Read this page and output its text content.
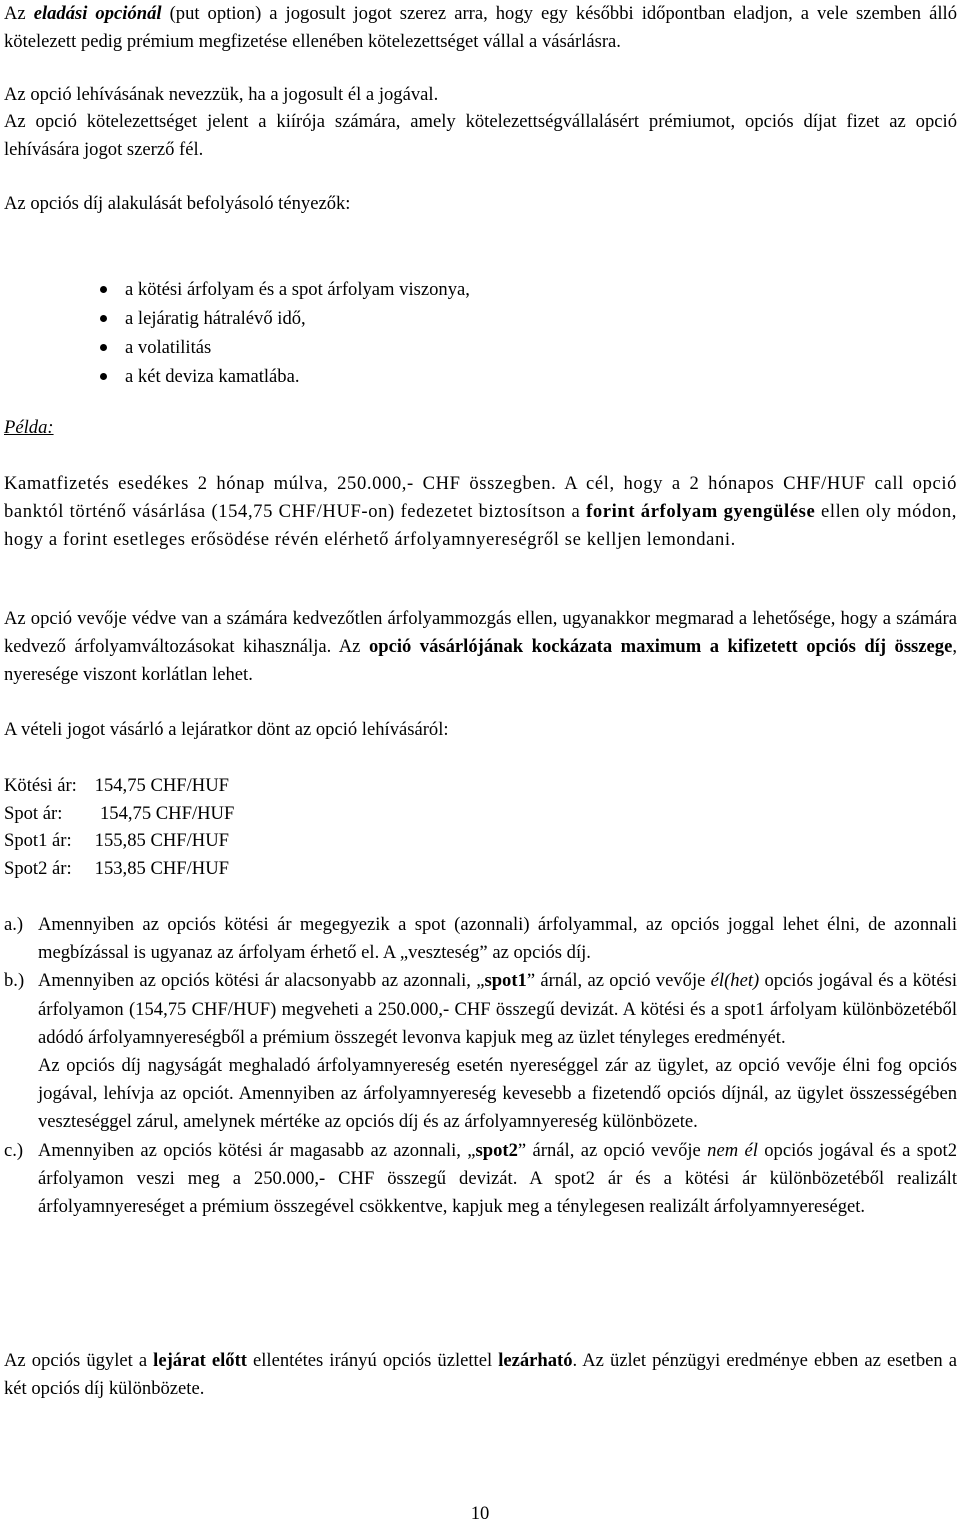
Az eladási opciónál (put option) a jogosult jogot szerez arra, hogy egy későbbi időpontban eladjon, a vele szemben álló kötelezett pedig prémium megfizetése ellenében kötelezettséget vállal a vásárlásra.

Az opció lehívásának nevezzük, ha a jogosult él a jogával.

Az opció kötelezettséget jelent a kiírója számára, amely kötelezettségvállalásért prémiumot, opciós díjat fizet az opció lehívására jogot szerző fél.

Az opciós díj alakulását befolyásoló tényezők:

a kötési árfolyam és a spot árfolyam viszonya,
a lejáratig hátralévő idő,
a volatilitás
a két deviza kamatlába.

Példa:

Kamatfizetés esedékes 2 hónap múlva, 250.000,- CHF összegben. A cél, hogy a 2 hónapos CHF/HUF call opció banktól történő vásárlása (154,75 CHF/HUF-on) fedezetet biztosítson a forint árfolyam gyengülése ellen oly módon, hogy a forint esetleges erősödése révén elérhető árfolyamnyereségről se kelljen lemondani.

Az opció vevője védve van a számára kedvezőtlen árfolyammozgás ellen, ugyanakkor megmarad a lehetősége, hogy a számára kedvező árfolyamváltozásokat kihasználja. Az opció vásárlójának kockázata maximum a kifizetett opciós díj összege, nyeresége viszont korlátlan lehet.

A vételi jogot vásárló a lejáratkor dönt az opció lehívásáról:

Kötési ár: 154,75 CHF/HUF
Spot ár: 154,75 CHF/HUF
Spot1 ár: 155,85 CHF/HUF
Spot2 ár: 153,85 CHF/HUF
a.) Amennyiben az opciós kötési ár megegyezik a spot (azonnali) árfolyammal, az opciós joggal lehet élni, de azonnali megbízással is ugyanaz az árfolyam érhető el. A „veszteség” az opciós díj.

b.) Amennyiben az opciós kötési ár alacsonyabb az azonnali, „spot1” árnál, az opció vevője él(het) opciós jogával és a kötési árfolyamon (154,75 CHF/HUF) megveheti a 250.000,- CHF összegű devizát. A kötési és a spot1 árfolyam különbözetéből adódó árfolyamnyereségből a prémium összegét levonva kapjuk meg az üzlet tényleges eredményét.

Az opciós díj nagyságát meghaladó árfolyamnyereség esetén nyereséggel zár az ügylet, az opció vevője élni fog opciós jogával, lehívja az opciót. Amennyiben az árfolyamnyereség kevesebb a fizetendő opciós díjnál, az ügylet összességében veszteséggel zárul, amelynek mértéke az opciós díj és az árfolyamnyereség különbözete.

c.) Amennyiben az opciós kötési ár magasabb az azonnali, „spot2” árnál, az opció vevője nem él opciós jogával és a spot2 árfolyamon veszi meg a 250.000,- CHF összegű devizát. A spot2 ár és a kötési ár különbözetéből realizált árfolyamnyereséget a prémium összegével csökkentve, kapjuk meg a ténylegesen realizált árfolyamnyereséget.

Az opciós ügylet a lejárat előtt ellentétes irányú opciós üzlettel lezárható. Az üzlet pénzügyi eredménye ebben az esetben a két opciós díj különbözete.

10
